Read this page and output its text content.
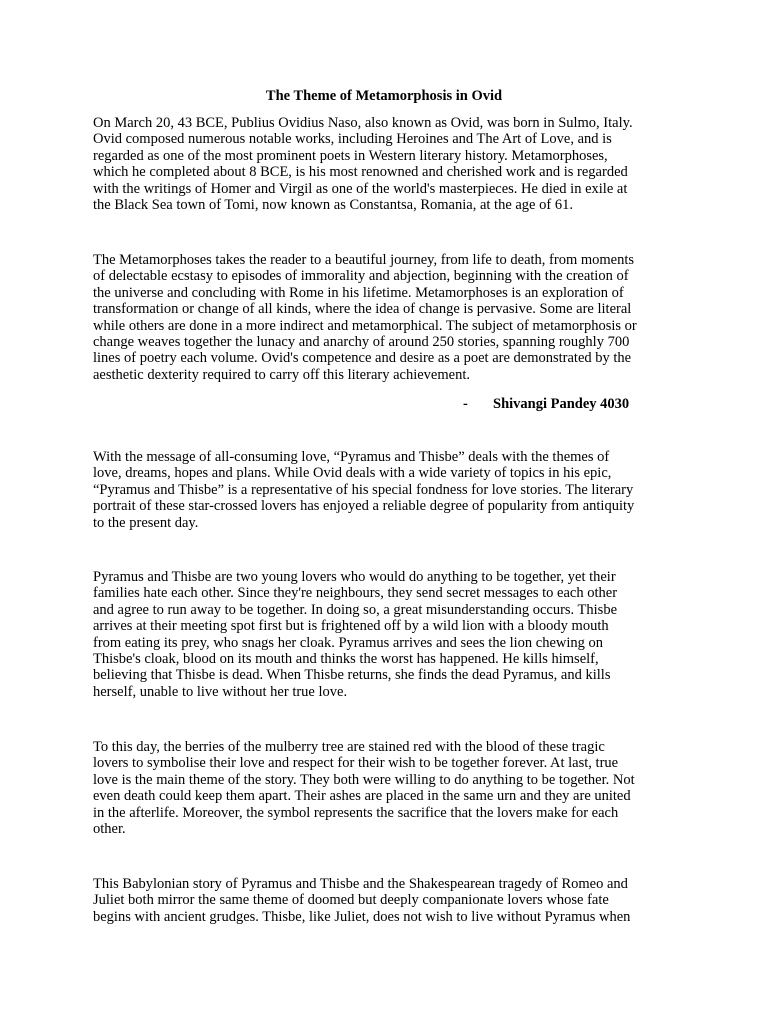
The Theme of Metamorphosis in Ovid
On March 20, 43 BCE, Publius Ovidius Naso, also known as Ovid, was born in Sulmo, Italy.
Ovid composed numerous notable works, including Heroines and The Art of Love, and is
regarded as one of the most prominent poets in Western literary history. Metamorphoses,
which he completed about 8 BCE, is his most renowned and cherished work and is regarded
with the writings of Homer and Virgil as one of the world's masterpieces. He died in exile at
the Black Sea town of Tomi, now known as Constantsa, Romania, at the age of 61.
The Metamorphoses takes the reader to a beautiful journey, from life to death, from moments
of delectable ecstasy to episodes of immorality and abjection, beginning with the creation of
the universe and concluding with Rome in his lifetime. Metamorphoses is an exploration of
transformation or change of all kinds, where the idea of change is pervasive. Some are literal
while others are done in a more indirect and metamorphical. The subject of metamorphosis or
change weaves together the lunacy and anarchy of around 250 stories, spanning roughly 700
lines of poetry each volume. Ovid's competence and desire as a poet are demonstrated by the
aesthetic dexterity required to carry off this literary achievement.

- Shivangi Pandey 4030

With the message of all-consuming love, “Pyramus and Thisbe” deals with the themes of
love, dreams, hopes and plans. While Ovid deals with a wide variety of topics in his epic,
“Pyramus and Thisbe” is a representative of his special fondness for love stories. The literary
portrait of these star-crossed lovers has enjoyed a reliable degree of popularity from antiquity
to the present day.
Pyramus and Thisbe are two young lovers who would do anything to be together, yet their
families hate each other. Since they're neighbours, they send secret messages to each other
and agree to run away to be together. In doing so, a great misunderstanding occurs. Thisbe
arrives at their meeting spot first but is frightened off by a wild lion with a bloody mouth
from eating its prey, who snags her cloak. Pyramus arrives and sees the lion chewing on
Thisbe's cloak, blood on its mouth and thinks the worst has happened. He kills himself,
believing that Thisbe is dead. When Thisbe returns, she finds the dead Pyramus, and kills
herself, unable to live without her true love.
To this day, the berries of the mulberry tree are stained red with the blood of these tragic
lovers to symbolise their love and respect for their wish to be together forever. At last, true
love is the main theme of the story. They both were willing to do anything to be together. Not
even death could keep them apart. Their ashes are placed in the same urn and they are united
in the afterlife. Moreover, the symbol represents the sacrifice that the lovers make for each
other.
This Babylonian story of Pyramus and Thisbe and the Shakespearean tragedy of Romeo and
Juliet both mirror the same theme of doomed but deeply companionate lovers whose fate
begins with ancient grudges. Thisbe, like Juliet, does not wish to live without Pyramus when
